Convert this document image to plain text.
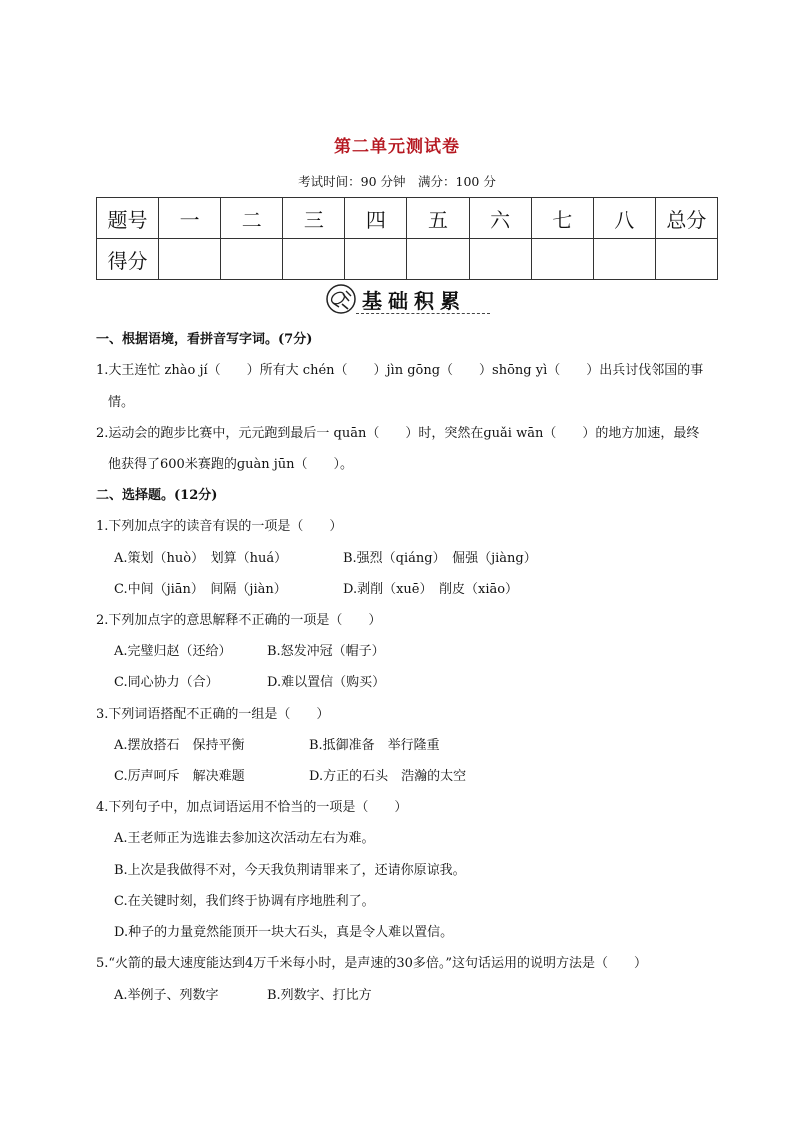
第二单元测试卷
考试时间：90 分钟　满分：100 分
题号	一	二	三	四	五	六	七	八	总分
得分									
基础积累
一、根据语境，看拼音写字词。(7分)
1.大王连忙 zhào jí（　　）所有大 chén（　　）jìn gōng（　　）shōng yì（　　）出兵讨伐邻国的事
情。
2.运动会的跑步比赛中，元元跑到最后一 quān（　　）时，突然在ɡuǎi wān（　　）的地方加速，最终
他获得了600米赛跑的ɡuàn jūn（　　）。
二、选择题。(12分)
1.下列加点字的读音有误的一项是（　　）
A.策划（huò）　划算（huá）	B.强烈（qiáng）　倔强（jiàng）
C.中间（jiān）　间隔（jiàn）	D.剥削（xuē）　削皮（xiāo）
2.下列加点字的意思解释不正确的一项是（　　）
A.完璧归赵（还给）	B.怒发冲冠（帽子）
C.同心协力（合）	D.难以置信（购买）
3.下列词语搭配不正确的一组是（　　）
A.摆放搭石　保持平衡	B.抵御准备　举行隆重
C.厉声呵斥　解决难题	D.方正的石头　浩瀚的太空
4.下列句子中，加点词语运用不恰当的一项是（　　）
A.王老师正为选谁去参加这次活动左右为难。
B.上次是我做得不对，今天我负荆请罪来了，还请你原谅我。
C.在关键时刻，我们终于协调有序地胜利了。
D.种子的力量竟然能顶开一块大石头，真是令人难以置信。
5.“火箭的最大速度能达到4万千米每小时，是声速的30多倍。”这句话运用的说明方法是（　　）
A.举例子、列数字	B.列数字、打比方
